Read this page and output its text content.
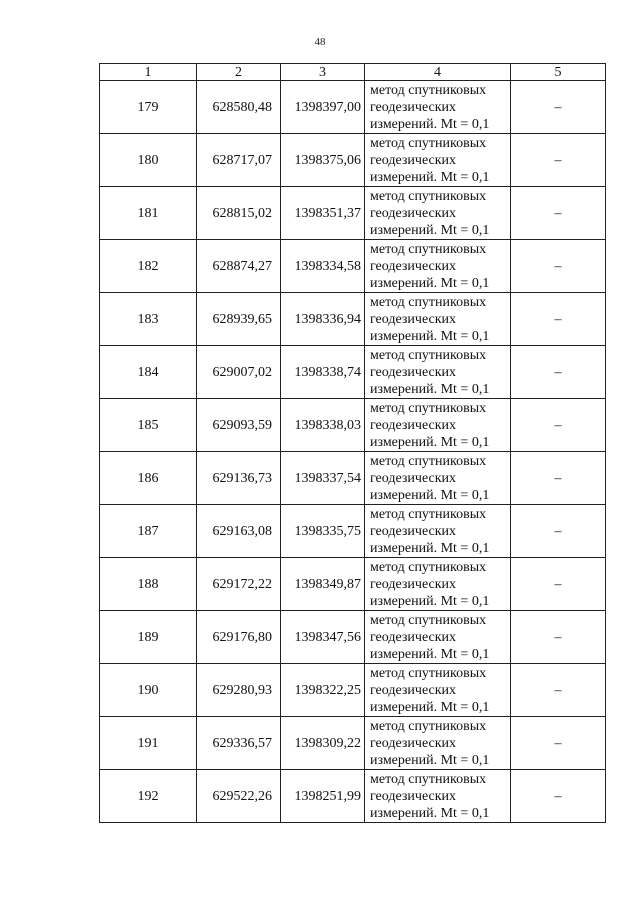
48
1	2	3	4	5
179	628580,48	1398397,00	метод спутниковых
геодезических
измерений. Mt = 0,1	–
180	628717,07	1398375,06	метод спутниковых
геодезических
измерений. Mt = 0,1	–
181	628815,02	1398351,37	метод спутниковых
геодезических
измерений. Mt = 0,1	–
182	628874,27	1398334,58	метод спутниковых
геодезических
измерений. Mt = 0,1	–
183	628939,65	1398336,94	метод спутниковых
геодезических
измерений. Mt = 0,1	–
184	629007,02	1398338,74	метод спутниковых
геодезических
измерений. Mt = 0,1	–
185	629093,59	1398338,03	метод спутниковых
геодезических
измерений. Mt = 0,1	–
186	629136,73	1398337,54	метод спутниковых
геодезических
измерений. Mt = 0,1	–
187	629163,08	1398335,75	метод спутниковых
геодезических
измерений. Mt = 0,1	–
188	629172,22	1398349,87	метод спутниковых
геодезических
измерений. Mt = 0,1	–
189	629176,80	1398347,56	метод спутниковых
геодезических
измерений. Mt = 0,1	–
190	629280,93	1398322,25	метод спутниковых
геодезических
измерений. Mt = 0,1	–
191	629336,57	1398309,22	метод спутниковых
геодезических
измерений. Mt = 0,1	–
192	629522,26	1398251,99	метод спутниковых
геодезических
измерений. Mt = 0,1	–
